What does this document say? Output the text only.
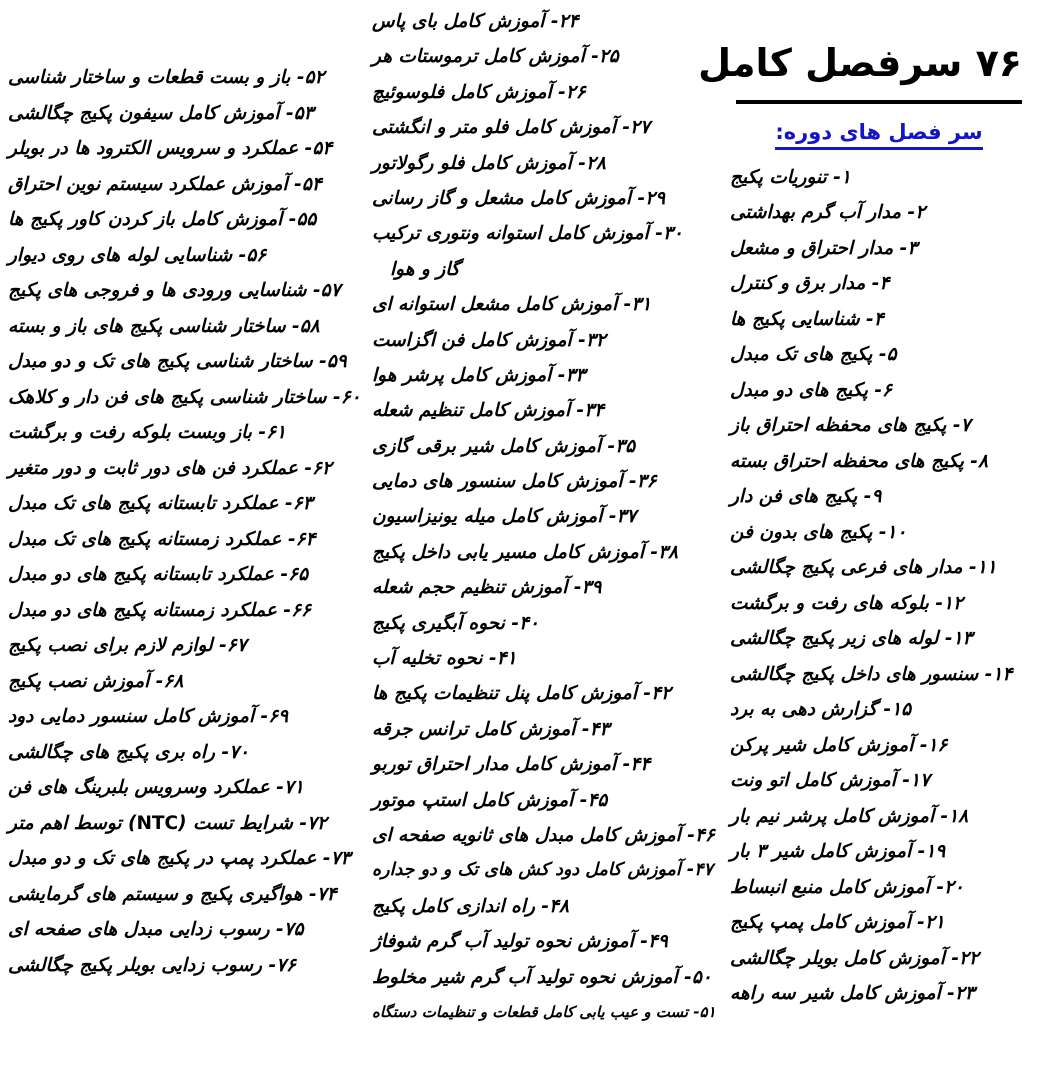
۷۶ سرفصل کامل
سر فصل های دوره:
۱- تنوریات پکیج
۲- مدار آب گرم بهداشتی
۳- مدار احتراق و مشعل
۴- مدار برق و کنترل
۴- شناسایی پکیج ها
۵- پکیج های تک مبدل
۶- پکیج های دو مبدل
۷- پکیج های محفظه احتراق باز
۸- پکیج های محفظه احتراق بسته
۹- پکیج های فن دار
۱۰- پکیج های بدون فن
۱۱- مدار های فرعی پکیج چگالشی
۱۲- بلوکه های رفت و برگشت
۱۳- لوله های زیر پکیج چگالشی
۱۴- سنسور های داخل پکیج چگالشی
۱۵- گزارش دهی به برد
۱۶- آموزش کامل شیر پرکن
۱۷- آموزش کامل اتو ونت
۱۸- آموزش کامل پرشر نیم بار
۱۹- آموزش کامل شیر ۳ بار
۲۰- آموزش کامل منبع انبساط
۲۱- آموزش کامل پمپ پکیج
۲۲- آموزش کامل بویلر چگالشی
۲۳- آموزش کامل شیر سه راهه
۲۴- آموزش کامل بای پاس
۲۵- آموزش کامل ترموستات هر
۲۶- آموزش کامل فلوسوئیچ
۲۷- آموزش کامل فلو متر و انگشتی
۲۸- آموزش کامل فلو رگولاتور
۲۹- آموزش کامل مشعل و گاز رسانی
۳۰- آموزش کامل استوانه ونتوری ترکیب
گاز و هوا
۳۱- آموزش کامل مشعل استوانه ای
۳۲- آموزش کامل فن اگزاست
۳۳- آموزش کامل پرشر هوا
۳۴- آموزش کامل تنظیم شعله
۳۵- آموزش کامل شیر برقی گازی
۳۶- آموزش کامل سنسور های دمایی
۳۷- آموزش کامل میله یونیزاسیون
۳۸- آموزش کامل مسیر یابی داخل پکیج
۳۹- آموزش تنظیم حجم شعله
۴۰- نحوه آبگیری پکیج
۴۱- نحوه تخلیه آب
۴۲- آموزش کامل پنل تنظیمات پکیج ها
۴۳- آموزش کامل ترانس جرقه
۴۴- آموزش کامل مدار احتراق توربو
۴۵- آموزش کامل استپ موتور
۴۶- آموزش کامل مبدل های ثانویه صفحه ای
۴۷- آموزش کامل دود کش های تک و دو جداره
۴۸- راه اندازی کامل پکیج
۴۹- آموزش نحوه تولید آب گرم شوفاژ
۵۰- آموزش نحوه تولید آب گرم شیر مخلوط
۵۱- تست و عیب یابی کامل قطعات و تنظیمات دستگاه
۵۲- باز و بست قطعات و ساختار شناسی
۵۳- آموزش کامل سیفون پکیج چگالشی
۵۴- عملکرد و سرویس الکترود ها در بویلر
۵۴- آموزش عملکرد سیستم نوین احتراق
۵۵- آموزش کامل باز کردن کاور پکیج ها
۵۶- شناسایی لوله های روی دیوار
۵۷- شناسایی ورودی ها و فروجی های پکیج
۵۸- ساختار شناسی پکیج های باز و بسته
۵۹- ساختار شناسی پکیج های تک و دو مبدل
۶۰- ساختار شناسی پکیج های فن دار و کلاهک
۶۱- باز وبست بلوکه رفت و برگشت
۶۲- عملکرد فن های دور ثابت و دور متغیر
۶۳- عملکرد تابستانه پکیج های تک مبدل
۶۴- عملکرد زمستانه پکیج های تک مبدل
۶۵- عملکرد تابستانه پکیج های دو مبدل
۶۶- عملکرد زمستانه پکیج های دو مبدل
۶۷- لوازم لازم برای نصب پکیج
۶۸- آموزش نصب پکیج
۶۹- آموزش کامل سنسور دمایی دود
۷۰- راه بری پکیج های چگالشی
۷۱- عملکرد وسرویس بلبرینگ های فن
۷۲- شرایط تست (NTC) توسط اهم متر
۷۳- عملکرد پمپ در پکیج های تک و دو مبدل
۷۴- هواگیری پکیج و سیستم های گرمایشی
۷۵- رسوب زدایی مبدل های صفحه ای
۷۶- رسوب زدایی بویلر پکیج چگالشی
